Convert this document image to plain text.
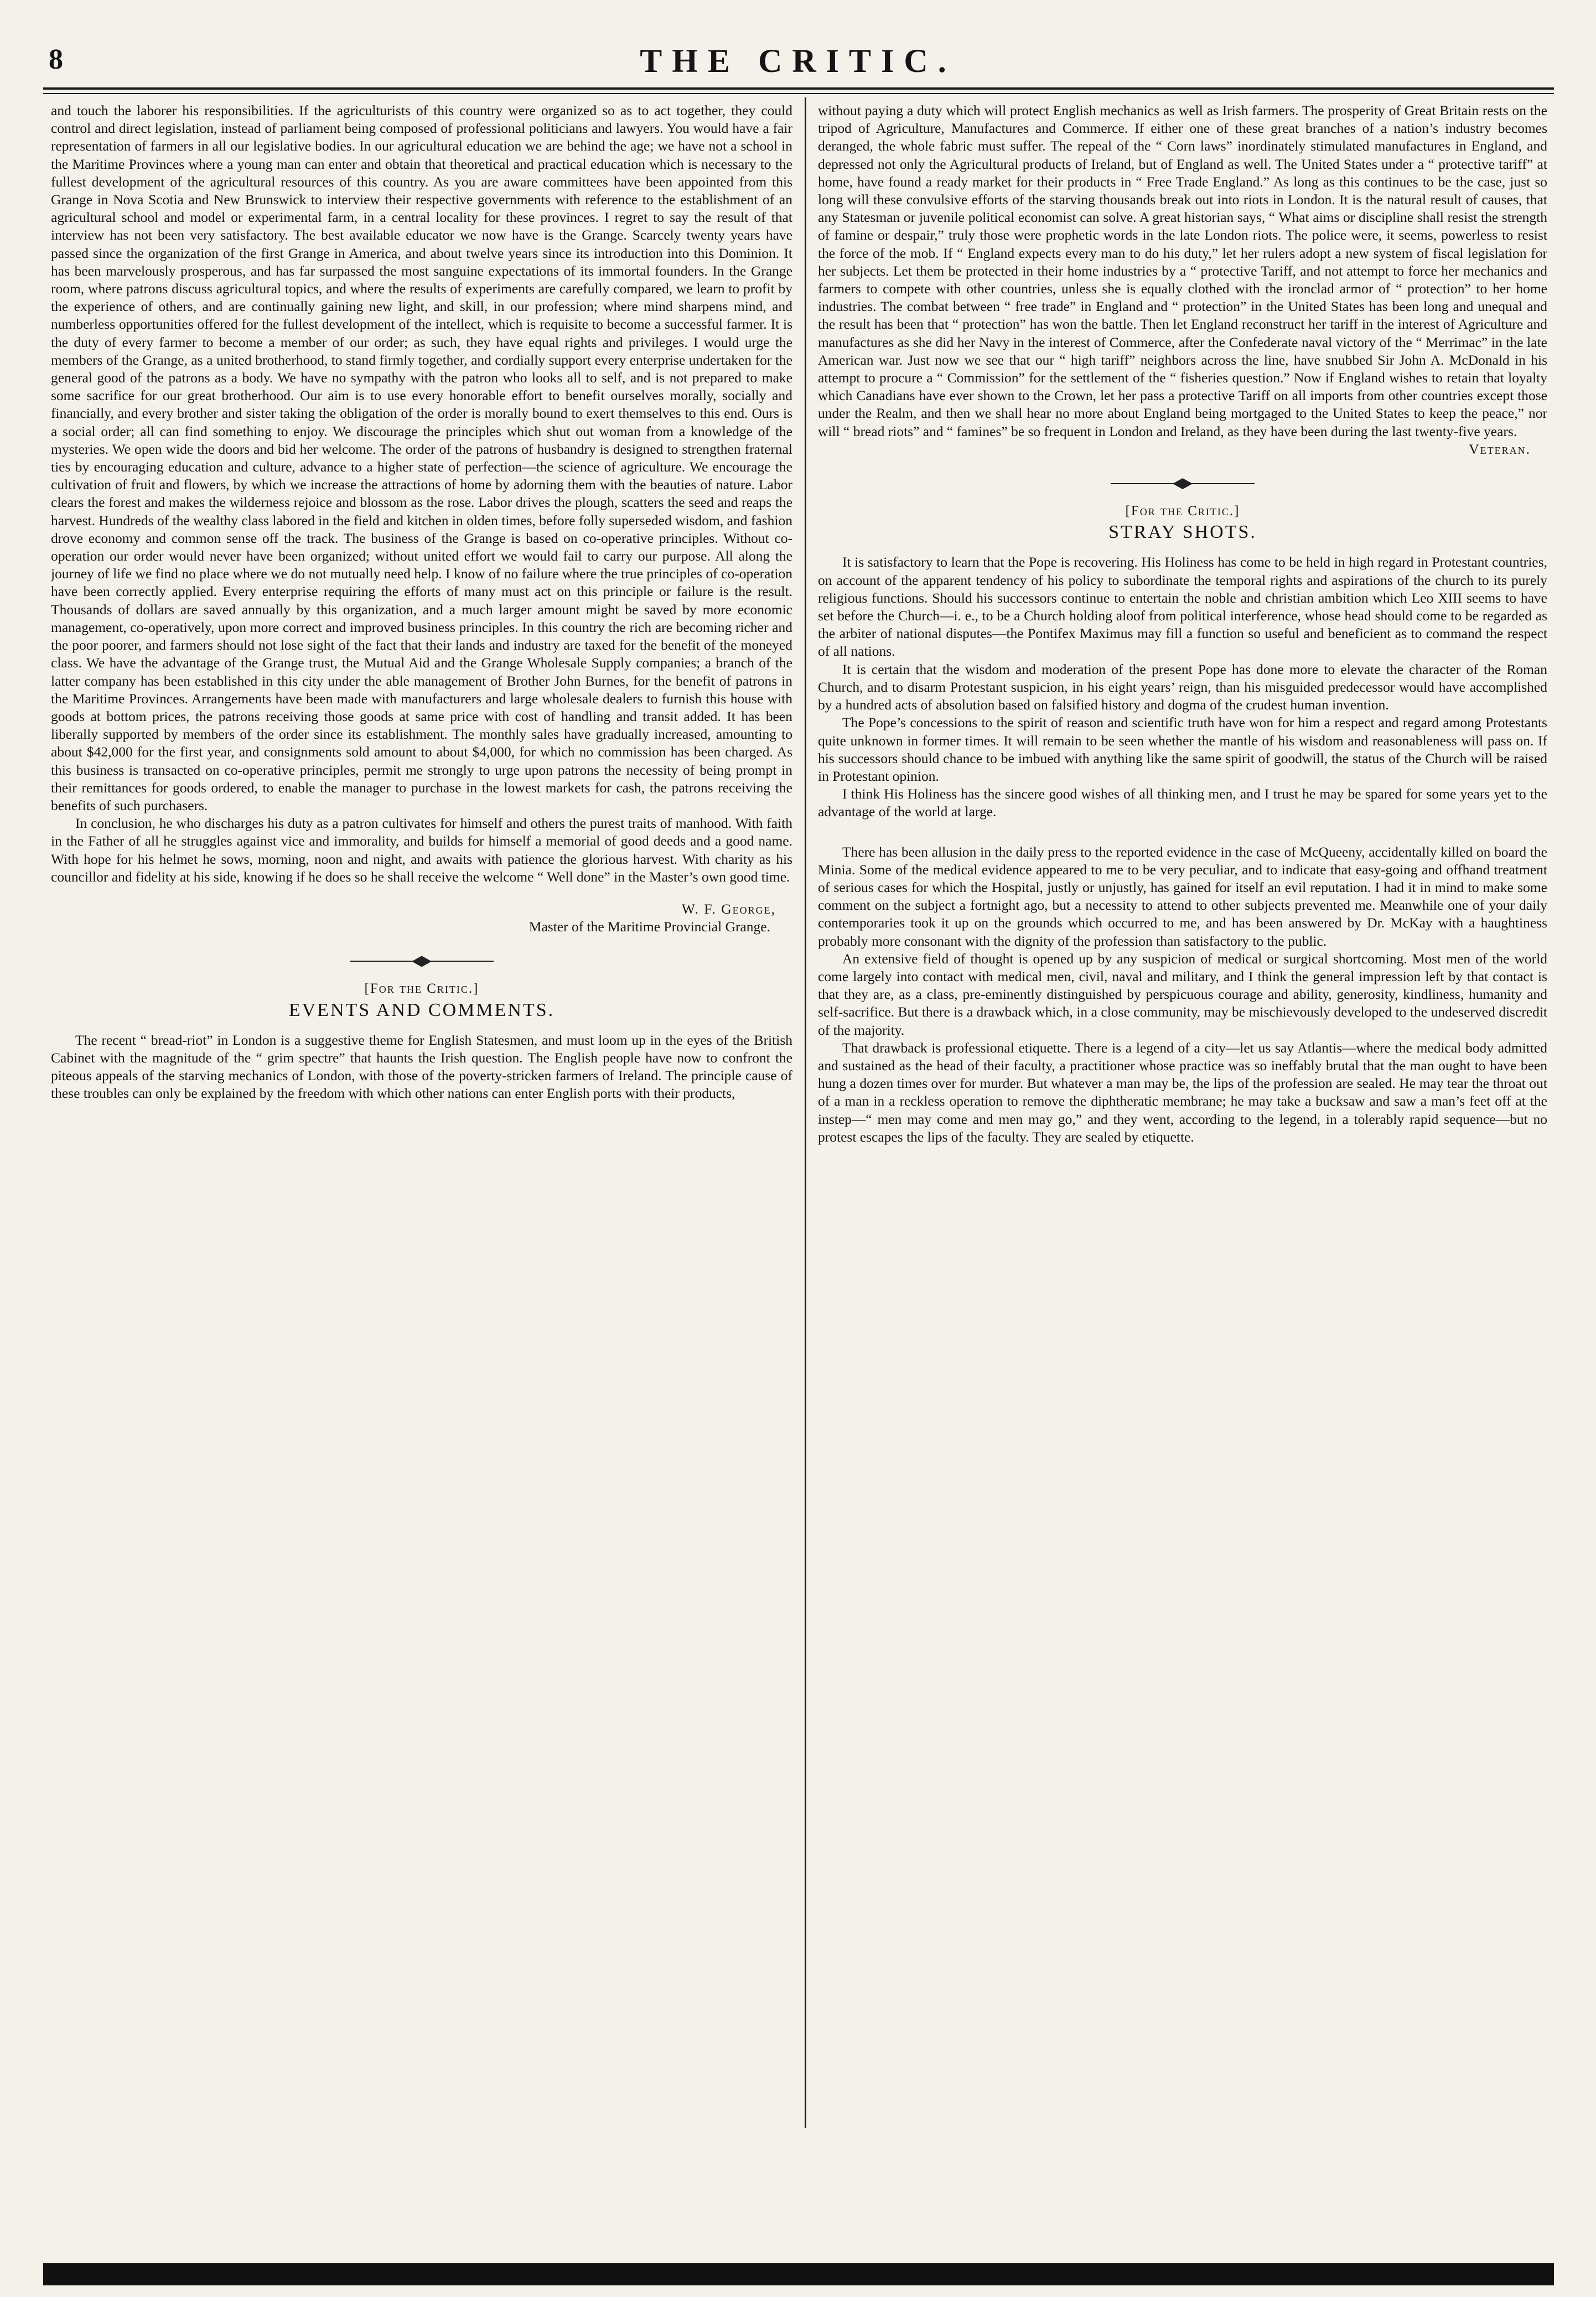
8	THE CRITIC.

and touch the laborer his responsibilities. If the agriculturists of this country were organized so as to act together, they could control and direct legislation, instead of parliament being composed of professional politicians and lawyers. You would have a fair representation of farmers in all our legislative bodies. In our agricultural education we are behind the age; we have not a school in the Maritime Provinces where a young man can enter and obtain that theoretical and practical education which is necessary to the fullest development of the agricultural resources of this country. As you are aware committees have been appointed from this Grange in Nova Scotia and New Brunswick to interview their respective governments with reference to the establishment of an agricultural school and model or experimental farm, in a central locality for these provinces. I regret to say the result of that interview has not been very satisfactory. The best available educator we now have is the Grange. Scarcely twenty years have passed since the organization of the first Grange in America, and about twelve years since its introduction into this Dominion. It has been marvelously prosperous, and has far surpassed the most sanguine expectations of its immortal founders. In the Grange room, where patrons discuss agricultural topics, and where the results of experiments are carefully compared, we learn to profit by the experience of others, and are continually gaining new light, and skill, in our profession; where mind sharpens mind, and numberless opportunities offered for the fullest development of the intellect, which is requisite to become a successful farmer. It is the duty of every farmer to become a member of our order; as such, they have equal rights and privileges. I would urge the members of the Grange, as a united brotherhood, to stand firmly together, and cordially support every enterprise undertaken for the general good of the patrons as a body. We have no sympathy with the patron who looks all to self, and is not prepared to make some sacrifice for our great brotherhood. Our aim is to use every honorable effort to benefit ourselves morally, socially and financially, and every brother and sister taking the obligation of the order is morally bound to exert themselves to this end. Ours is a social order; all can find something to enjoy. We discourage the principles which shut out woman from a knowledge of the mysteries. We open wide the doors and bid her welcome. The order of the patrons of husbandry is designed to strengthen fraternal ties by encouraging education and culture, advance to a higher state of perfection—the science of agriculture. We encourage the cultivation of fruit and flowers, by which we increase the attractions of home by adorning them with the beauties of nature. Labor clears the forest and makes the wilderness rejoice and blossom as the rose. Labor drives the plough, scatters the seed and reaps the harvest. Hundreds of the wealthy class labored in the field and kitchen in olden times, before folly superseded wisdom, and fashion drove economy and common sense off the track. The business of the Grange is based on co-operative principles. Without co-operation our order would never have been organized; without united effort we would fail to carry our purpose. All along the journey of life we find no place where we do not mutually need help. I know of no failure where the true principles of co-operation have been correctly applied. Every enterprise requiring the efforts of many must act on this principle or failure is the result. Thousands of dollars are saved annually by this organization, and a much larger amount might be saved by more economic management, co-operatively, upon more correct and improved business principles. In this country the rich are becoming richer and the poor poorer, and farmers should not lose sight of the fact that their lands and industry are taxed for the benefit of the moneyed class. We have the advantage of the Grange trust, the Mutual Aid and the Grange Wholesale Supply companies; a branch of the latter company has been established in this city under the able management of Brother John Burnes, for the benefit of patrons in the Maritime Provinces. Arrangements have been made with manufacturers and large wholesale dealers to furnish this house with goods at bottom prices, the patrons receiving those goods at same price with cost of handling and transit added. It has been liberally supported by members of the order since its establishment. The monthly sales have gradually increased, amounting to about $42,000 for the first year, and consignments sold amount to about $4,000, for which no commission has been charged. As this business is transacted on co-operative principles, permit me strongly to urge upon patrons the necessity of being prompt in their remittances for goods ordered, to enable the manager to purchase in the lowest markets for cash, the patrons receiving the benefits of such purchasers.

In conclusion, he who discharges his duty as a patron cultivates for himself and others the purest traits of manhood. With faith in the Father of all he struggles against vice and immorality, and builds for himself a memorial of good deeds and a good name. With hope for his helmet he sows, morning, noon and night, and awaits with patience the glorious harvest. With charity as his councillor and fidelity at his side, knowing if he does so he shall receive the welcome “ Well done” in the Master’s own good time.

W. F. George,

Master of the Maritime Provincial Grange.

[For the Critic.]
EVENTS AND COMMENTS.

The recent “ bread-riot” in London is a suggestive theme for English Statesmen, and must loom up in the eyes of the British Cabinet with the magnitude of the “ grim spectre” that haunts the Irish question. The English people have now to confront the piteous appeals of the starving mechanics of London, with those of the poverty-stricken farmers of Ireland. The principle cause of these troubles can only be explained by the freedom with which other nations can enter English ports with their products,

without paying a duty which will protect English mechanics as well as Irish farmers. The prosperity of Great Britain rests on the tripod of Agriculture, Manufactures and Commerce. If either one of these great branches of a nation’s industry becomes deranged, the whole fabric must suffer. The repeal of the “ Corn laws” inordinately stimulated manufactures in England, and depressed not only the Agricultural products of Ireland, but of England as well. The United States under a “ protective tariff” at home, have found a ready market for their products in “ Free Trade England.” As long as this continues to be the case, just so long will these convulsive efforts of the starving thousands break out into riots in London. It is the natural result of causes, that any Statesman or juvenile political economist can solve. A great historian says, “ What aims or discipline shall resist the strength of famine or despair,” truly those were prophetic words in the late London riots. The police were, it seems, powerless to resist the force of the mob. If “ England expects every man to do his duty,” let her rulers adopt a new system of fiscal legislation for her subjects. Let them be protected in their home industries by a “ protective Tariff, and not attempt to force her mechanics and farmers to compete with other countries, unless she is equally clothed with the ironclad armor of “ protection” to her home industries. The combat between “ free trade” in England and “ protection” in the United States has been long and unequal and the result has been that “ protection” has won the battle. Then let England reconstruct her tariff in the interest of Agriculture and manufactures as she did her Navy in the interest of Commerce, after the Confederate naval victory of the “ Merrimac” in the late American war. Just now we see that our “ high tariff” neighbors across the line, have snubbed Sir John A. McDonald in his attempt to procure a “ Commission” for the settlement of the “ fisheries question.” Now if England wishes to retain that loyalty which Canadians have ever shown to the Crown, let her pass a protective Tariff on all imports from other countries except those under the Realm, and then we shall hear no more about England being mortgaged to the United States to keep the peace,” nor will “ bread riots” and “ famines” be so frequent in London and Ireland, as they have been during the last twenty-five years.

Veteran.

[For the Critic.]
STRAY SHOTS.

It is satisfactory to learn that the Pope is recovering. His Holiness has come to be held in high regard in Protestant countries, on account of the apparent tendency of his policy to subordinate the temporal rights and aspirations of the church to its purely religious functions. Should his successors continue to entertain the noble and christian ambition which Leo XIII seems to have set before the Church—i. e., to be a Church holding aloof from political interference, whose head should come to be regarded as the arbiter of national disputes—the Pontifex Maximus may fill a function so useful and beneficient as to command the respect of all nations.

It is certain that the wisdom and moderation of the present Pope has done more to elevate the character of the Roman Church, and to disarm Protestant suspicion, in his eight years’ reign, than his misguided predecessor would have accomplished by a hundred acts of absolution based on falsified history and dogma of the crudest human invention.

The Pope’s concessions to the spirit of reason and scientific truth have won for him a respect and regard among Protestants quite unknown in former times. It will remain to be seen whether the mantle of his wisdom and reasonableness will pass on. If his successors should chance to be imbued with anything like the same spirit of goodwill, the status of the Church will be raised in Protestant opinion.

I think His Holiness has the sincere good wishes of all thinking men, and I trust he may be spared for some years yet to the advantage of the world at large.

There has been allusion in the daily press to the reported evidence in the case of McQueeny, accidentally killed on board the Minia. Some of the medical evidence appeared to me to be very peculiar, and to indicate that easy-going and offhand treatment of serious cases for which the Hospital, justly or unjustly, has gained for itself an evil reputation. I had it in mind to make some comment on the subject a fortnight ago, but a necessity to attend to other subjects prevented me. Meanwhile one of your daily contemporaries took it up on the grounds which occurred to me, and has been answered by Dr. McKay with a haughtiness probably more consonant with the dignity of the profession than satisfactory to the public.

An extensive field of thought is opened up by any suspicion of medical or surgical shortcoming. Most men of the world come largely into contact with medical men, civil, naval and military, and I think the general impression left by that contact is that they are, as a class, pre-eminently distinguished by perspicuous courage and ability, generosity, kindliness, humanity and self-sacrifice. But there is a drawback which, in a close community, may be mischievously developed to the undeserved discredit of the majority.

That drawback is professional etiquette. There is a legend of a city—let us say Atlantis—where the medical body admitted and sustained as the head of their faculty, a practitioner whose practice was so ineffably brutal that the man ought to have been hung a dozen times over for murder. But whatever a man may be, the lips of the profession are sealed. He may tear the throat out of a man in a reckless operation to remove the diphtheratic membrane; he may take a bucksaw and saw a man’s feet off at the instep—“ men may come and men may go,” and they went, according to the legend, in a tolerably rapid sequence—but no protest escapes the lips of the faculty. They are sealed by etiquette.
